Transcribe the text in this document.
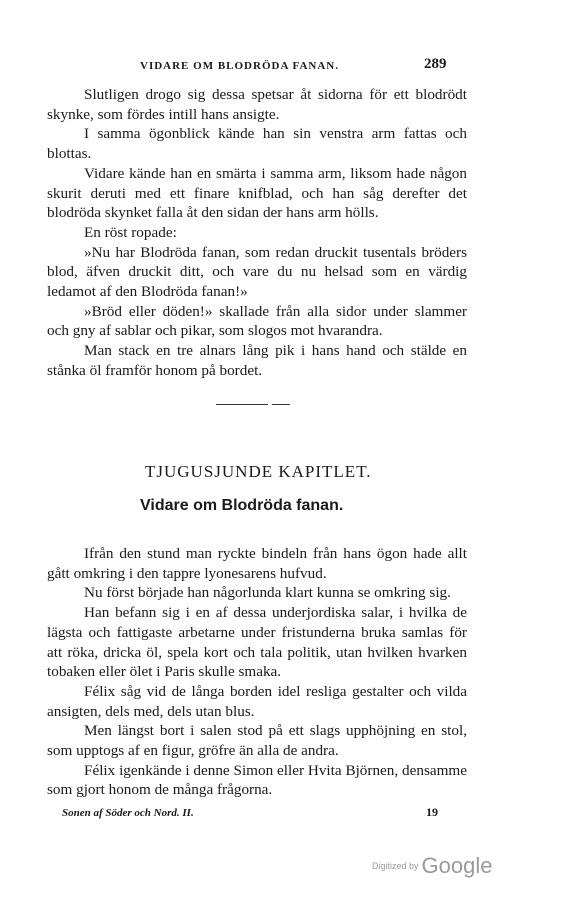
VIDARE OM BLODRÖDA FANAN.	289

Slutligen drogo sig dessa spetsar åt sidorna för ett blodrödt skynke, som fördes intill hans ansigte.

I samma ögonblick kände han sin venstra arm fattas och blottas.

Vidare kände han en smärta i samma arm, liksom hade någon skurit deruti med ett finare knifblad, och han såg derefter det blodröda skynket falla åt den sidan der hans arm hölls.

En röst ropade:

»Nu har Blodröda fanan, som redan druckit tusentals bröders blod, äfven druckit ditt, och vare du nu helsad som en värdig ledamot af den Blodröda fanan!»

»Bröd eller döden!» skallade från alla sidor under slammer och gny af sablar och pikar, som slogos mot hvarandra.

Man stack en tre alnars lång pik i hans hand och stälde en stånka öl framför honom på bordet.

TJUGUSJUNDE KAPITLET.
Vidare om Blodröda fanan.

Ifrån den stund man ryckte bindeln från hans ögon hade allt gått omkring i den tappre lyonesarens hufvud.

Nu först började han någorlunda klart kunna se omkring sig.

Han befann sig i en af dessa underjordiska salar, i hvilka de lägsta och fattigaste arbetarne under fristunderna bruka samlas för att röka, dricka öl, spela kort och tala politik, utan hvilken hvarken tobaken eller ölet i Paris skulle smaka.

Félix såg vid de långa borden idel resliga gestalter och vilda ansigten, dels med, dels utan blus.

Men längst bort i salen stod på ett slags upphöjning en stol, som upptogs af en figur, gröfre än alla de andra.

Félix igenkände i denne Simon eller Hvita Björnen, densamme som gjort honom de många frågorna.

Sonen af Söder och Nord. II.	19
Digitized by Google
